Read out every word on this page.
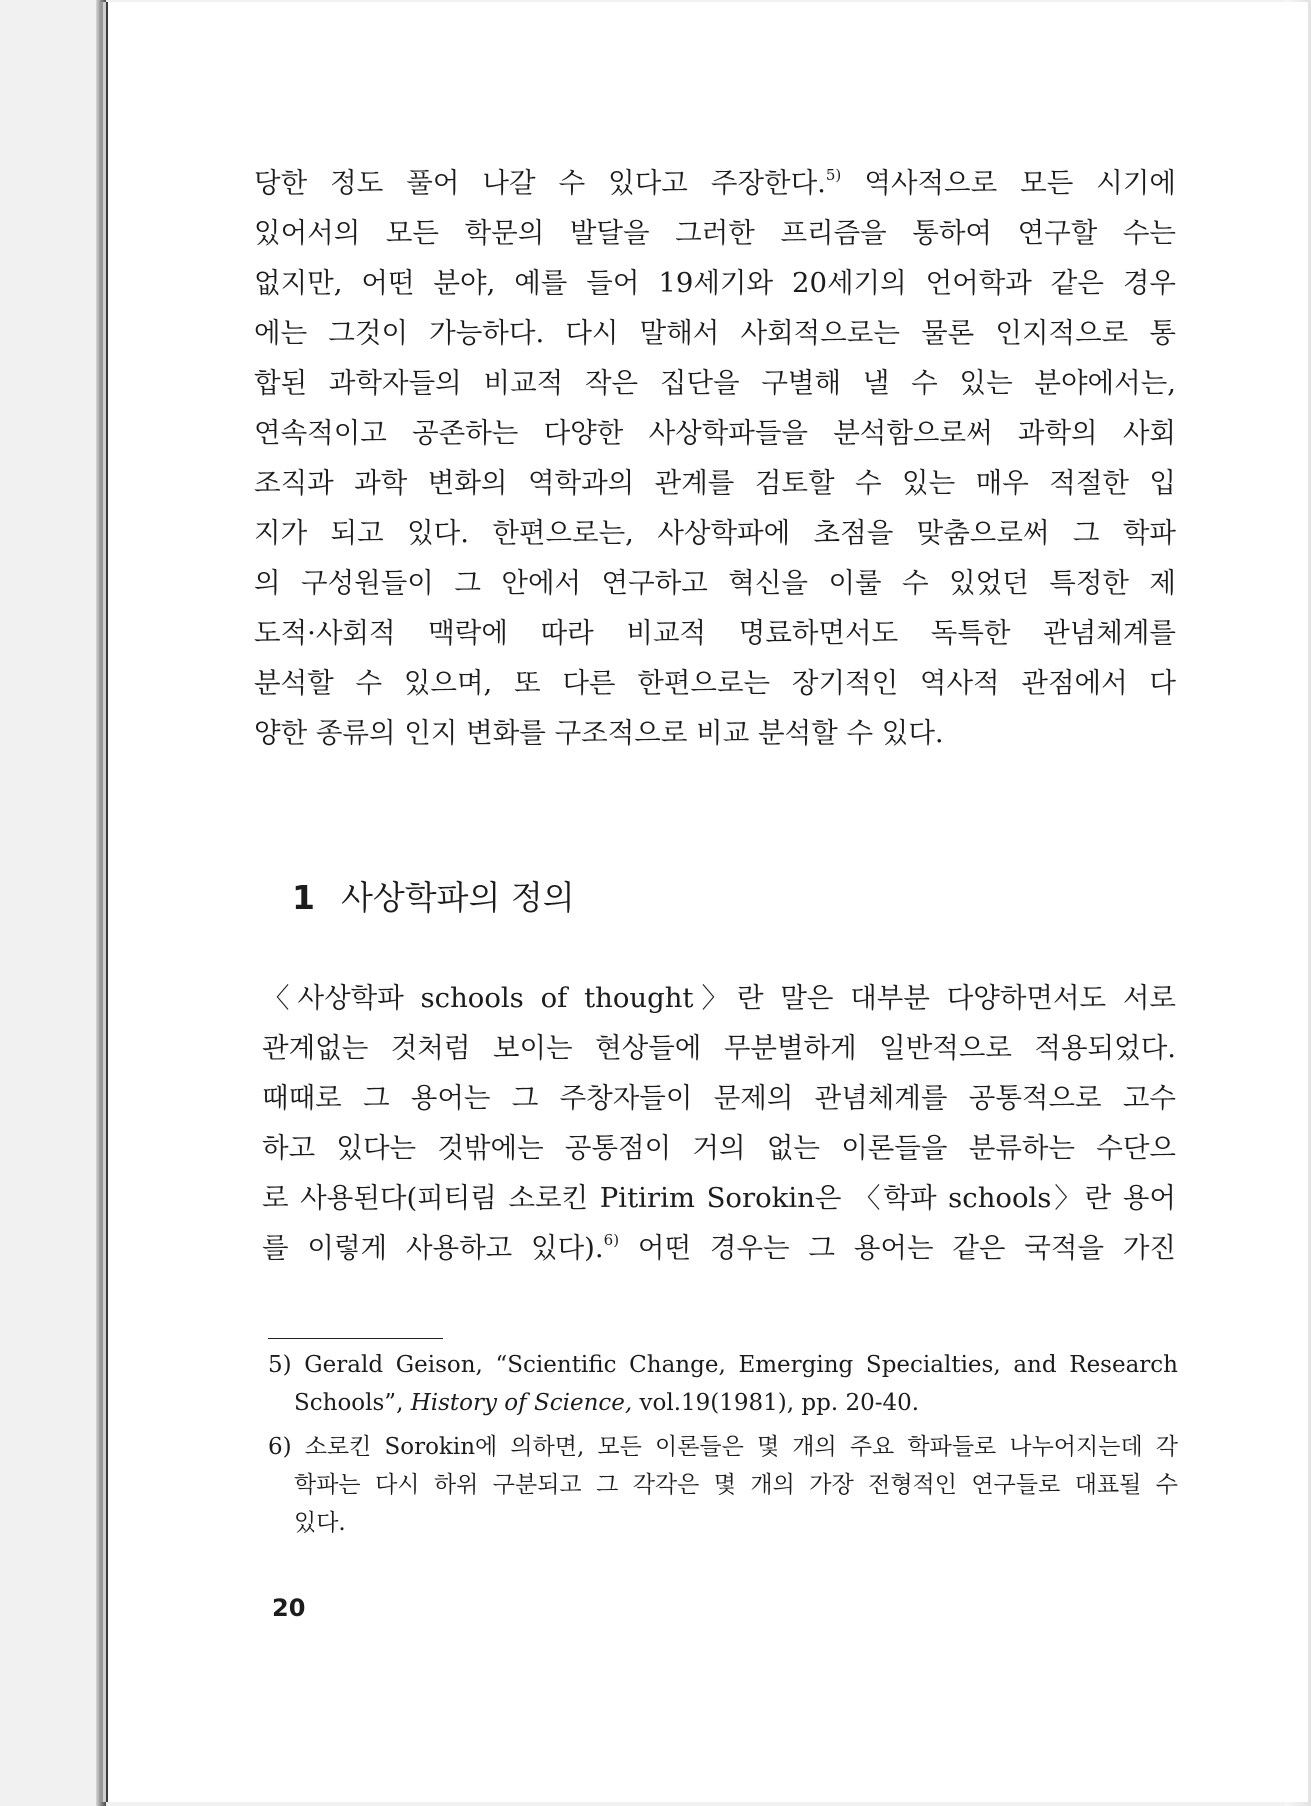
당한 정도 풀어 나갈 수 있다고 주장한다.$^{5)}$ 역사적으로 모든 시기에
있어서의 모든 학문의 발달을 그러한 프리즘을 통하여 연구할 수는
없지만, 어떤 분야, 예를 들어 19세기와 20세기의 언어학과 같은 경우
에는 그것이 가능하다. 다시 말해서 사회적으로는 물론 인지적으로 통
합된 과학자들의 비교적 작은 집단을 구별해 낼 수 있는 분야에서는,
연속적이고 공존하는 다양한 사상학파들을 분석함으로써 과학의 사회
조직과 과학 변화의 역학과의 관계를 검토할 수 있는 매우 적절한 입
지가 되고 있다. 한편으로는, 사상학파에 초점을 맞춤으로써 그 학파
의 구성원들이 그 안에서 연구하고 혁신을 이룰 수 있었던 특정한 제
도적·사회적 맥락에 따라 비교적 명료하면서도 독특한 관념체계를
분석할 수 있으며, 또 다른 한편으로는 장기적인 역사적 관점에서 다
양한 종류의 인지 변화를 구조적으로 비교 분석할 수 있다.
1 사상학파의 정의
〈사상학파 schools of thought〉란 말은 대부분 다양하면서도 서로
관계없는 것처럼 보이는 현상들에 무분별하게 일반적으로 적용되었다.
때때로 그 용어는 그 주창자들이 문제의 관념체계를 공통적으로 고수
하고 있다는 것밖에는 공통점이 거의 없는 이론들을 분류하는 수단으
로 사용된다(피티림 소로킨 Pitirim Sorokin은 〈학파 schools〉란 용어
를 이렇게 사용하고 있다).$^{6)}$ 어떤 경우는 그 용어는 같은 국적을 가진
5) Gerald Geison, “Scientific Change, Emerging Specialties, and Research
Schools”, History of Science, vol.19(1981), pp. 20-40.
6) 소로킨 Sorokin에 의하면, 모든 이론들은 몇 개의 주요 학파들로 나누어지는데 각
학파는 다시 하위 구분되고 그 각각은 몇 개의 가장 전형적인 연구들로 대표될 수
있다.
20
